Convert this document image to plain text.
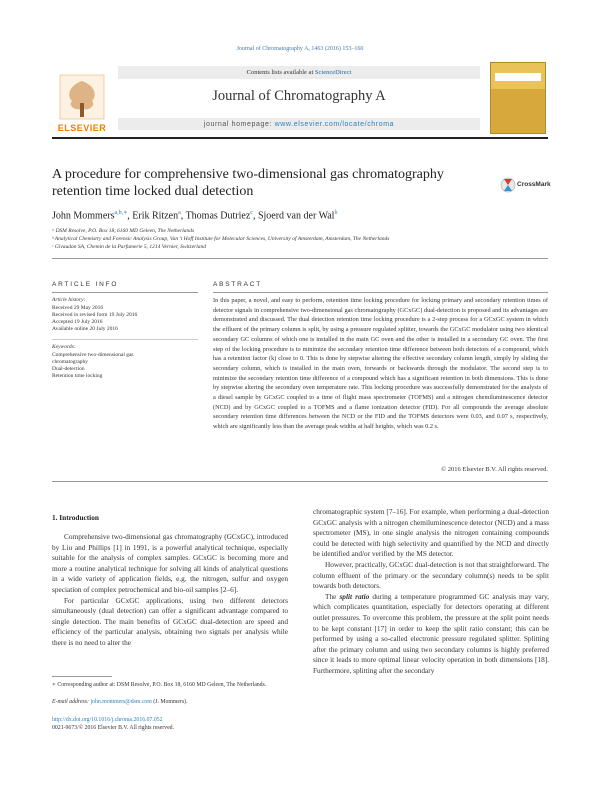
Journal of Chromatography A, 1463 (2016) 153–160
ELSEVIER
Contents lists available at ScienceDirect
Journal of Chromatography A
journal homepage: www.elsevier.com/locate/chroma
A procedure for comprehensive two-dimensional gas chromatography retention time locked dual detection	CrossMark
John Mommers$^{a,b,∗}$, Erik Ritzen$^a$, Thomas Dutriez$^c$, Sjoerd van der Wal$^b$
ᵃ DSM Resolve, P.O. Box 18, 6160 MD Geleen, The Netherlands
ᵇ Analytical Chemistry and Forensic Analysis Group, Van 't Hoff Institute for Molecular Sciences, University of Amsterdam, Amsterdam, The Netherlands
ᶜ Givaudan SA, Chemin de la Parfumerie 5, 1214 Vernier, Switzerland
ARTICLE INFO
Article history:
Received 29 May 2016
Received in revised form 19 July 2016
Accepted 19 July 2016
Available online 20 July 2016
Keywords:
Comprehensive two-dimensional gas
chromatography
Dual-detection
Retention time locking
ABSTRACT
In this paper, a novel, and easy to perform, retention time locking procedure for locking primary and secondary retention times of detector signals in comprehensive two-dimensional gas chromatography (GCxGC) dual-detection is proposed and its advantages are demonstrated and discussed. The dual detection retention time locking procedure is a 2-step process for a GCxGC system in which the effluent of the primary column is split, by using a pressure regulated splitter, towards the GCxGC modulator using two identical secondary GC columns of which one is installed in the main GC oven and the other is installed in a secondary GC oven. The first step of the locking procedure is to minimize the secondary retention time difference between both detectors of a compound, which has a retention factor (k) close to 0. This is done by stepwise altering the effective secondary column length, simply by sliding the secondary column, which is installed in the main oven, forwards or backwards through the modulator. The second step is to minimize the secondary retention time difference of a compound which has a significant retention in both dimensions. This is done by stepwise altering the secondary oven temperature rate. This locking procedure was successfully demonstrated for the analysis of a diesel sample by GCxGC coupled to a time of flight mass spectrometer (TOFMS) and a nitrogen chemiluminescence detector (NCD) and by GCxGC coupled to a TOFMS and a flame ionization detector (FID). For all compounds the average absolute secondary retention time differences between the NCD or the FID and the TOFMS detectors were 0.03, and 0.07 s, respectively, which are significantly less than the average peak widths at half heights, which was 0.2 s.
© 2016 Elsevier B.V. All rights reserved.
1. Introduction

Comprehensive two-dimensional gas chromatography (GCxGC), introduced by Liu and Phillips [1] in 1991, is a powerful analytical technique, especially suitable for the analysis of complex samples. GCxGC is becoming more and more a routine analytical technique for solving all kinds of analytical questions in a wide variety of application fields, e.g. the nitrogen, sulfur and oxygen speciation of complex petrochemical and bio-oil samples [2–6].

For particular GCxGC applications, using two different detectors simultaneously (dual detection) can offer a significant advantage compared to single detection. The main benefits of GCxGC dual-detection are speed and efficiency of the particular analysis, obtaining two signals per analysis while there is no need to alter the

chromatographic system [7–16]. For example, when performing a dual-detection GCxGC analysis with a nitrogen chemiluminescence detector (NCD) and a mass spectrometer (MS), in one single analysis the nitrogen containing compounds could be detected with high selectivity and quantified by the NCD and directly be identified and/or verified by the MS detector.

However, practically, GCxGC dual-detection is not that straightforward. The column effluent of the primary or the secondary column(s) needs to be split towards both detectors.

The split ratio during a temperature programmed GC analysis may vary, which complicates quantitation, especially for detectors operating at different outlet pressures. To overcome this problem, the pressure at the split point needs to be kept constant [17] in order to keep the split ratio constant; this can be performed by using a so-called electronic pressure regulated splitter. Splitting after the primary column and using two secondary columns is highly preferred since it leads to more optimal linear velocity operation in both dimensions [18]. Furthermore, splitting after the secondary

∗ Corresponding author at: DSM Resolve, P.O. Box 18, 6160 MD Geleen, The Netherlands.
E-mail address: john.mommers@dsm.com (J. Mommers).
http://dx.doi.org/10.1016/j.chroma.2016.07.052
0021-9673/© 2016 Elsevier B.V. All rights reserved.
